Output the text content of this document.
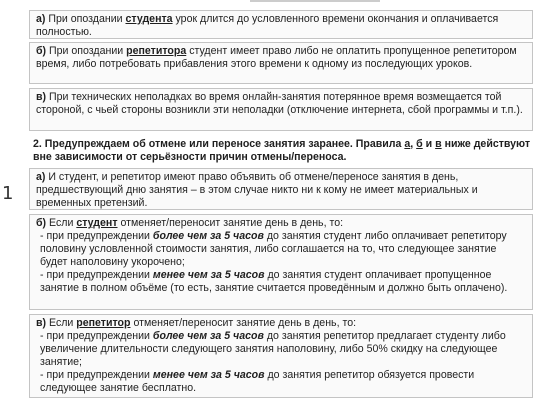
1

а) При опоздании студента урок длится до условленного времени окончания и оплачивается полностью.

б) При опоздании репетитора студент имеет право либо не оплатить пропущенное репетитором время, либо потребовать прибавления этого времени к одному из последующих уроков.

в) При технических неполадках во время онлайн-занятия потерянное время возмещается той стороной, с чьей стороны возникли эти неполадки (отключение интернета, сбой программы и т.п.).

2. Предупреждаем об отмене или переносе занятия заранее. Правила а, б и в ниже действуют вне зависимости от серьёзности причин отмены/переноса.

а) И студент, и репетитор имеют право объявить об отмене/переносе занятия в день, предшествующий дню занятия – в этом случае никто ни к кому не имеет материальных и временных претензий.

б) Если студент отменяет/переносит занятие день в день, то:

- при предупреждении более чем за 5 часов до занятия студент либо оплачивает репетитору половину условленной стоимости занятия, либо соглашается на то, что следующее занятие будет наполовину укорочено;

- при предупреждении менее чем за 5 часов до занятия студент оплачивает пропущенное занятие в полном объёме (то есть, занятие считается проведённым и должно быть оплачено).

в) Если репетитор отменяет/переносит занятие день в день, то:

- при предупреждении более чем за 5 часов до занятия репетитор предлагает студенту либо увеличение длительности следующего занятия наполовину, либо 50% скидку на следующее занятие;

- при предупреждении менее чем за 5 часов до занятия репетитор обязуется провести следующее занятие бесплатно.
